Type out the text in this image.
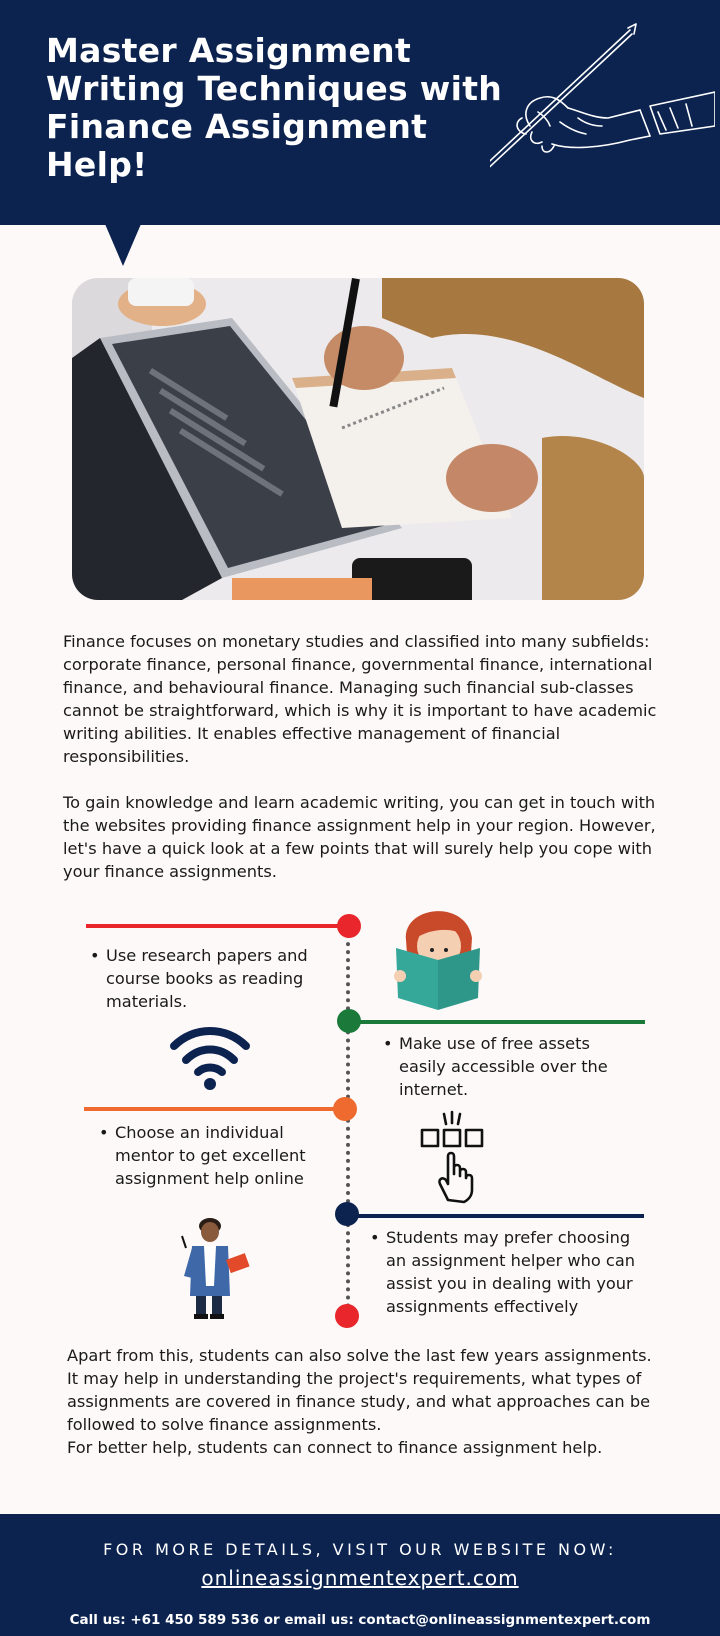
Master Assignment Writing Techniques with Finance Assignment Help!

Finance focuses on monetary studies and classified into many subfields: corporate finance, personal finance, governmental finance, international finance, and behavioural finance. Managing such financial sub-classes cannot be straightforward, which is why it is important to have academic writing abilities. It enables effective management of financial responsibilities.

To gain knowledge and learn academic writing, you can get in touch with the websites providing finance assignment help in your region. However, let's have a quick look at a few points that will surely help you cope with your finance assignments.

• Use research papers and course books as reading materials.
• Make use of free assets easily accessible over the internet.
• Choose an individual mentor to get excellent assignment help online
• Students may prefer choosing an assignment helper who can assist you in dealing with your assignments effectively

Apart from this, students can also solve the last few years assignments. It may help in understanding the project's requirements, what types of assignments are covered in finance study, and what approaches can be followed to solve finance assignments.
For better help, students can connect to finance assignment help.

FOR MORE DETAILS, VISIT OUR WEBSITE NOW:
onlineassignmentexpert.com
Call us: +61 450 589 536 or email us: contact@onlineassignmentexpert.com
